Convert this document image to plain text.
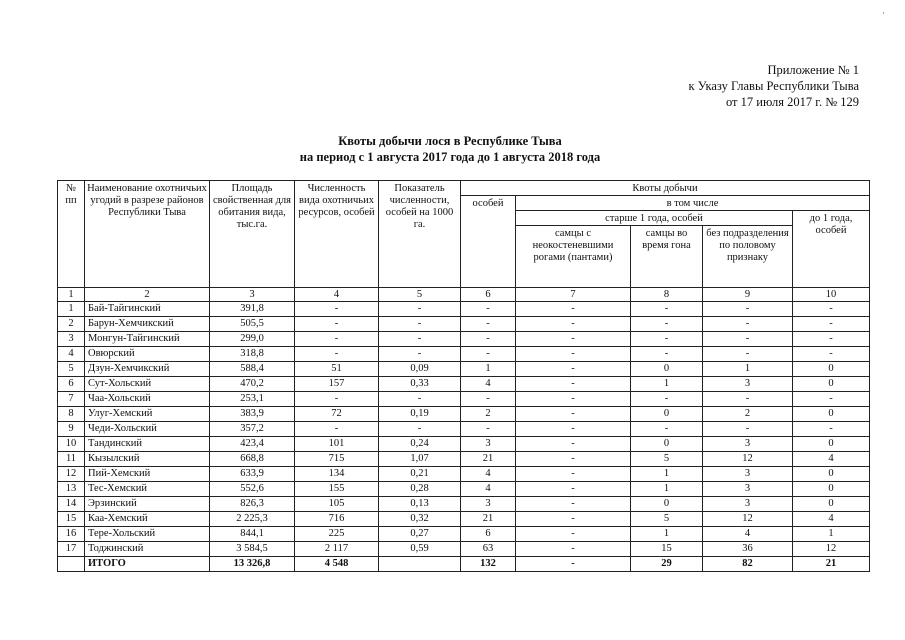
Приложение № 1
к Указу Главы Республики Тыва
от 17 июля 2017 г. № 129
Квоты добычи лося в Республике Тыва
на период с 1 августа 2017 года до 1 августа 2018 года
№ пп	Наименование охотничьих угодий в разрезе районов Республики Тыва	Площадь свойственная для обитания вида, тыс.га.	Численность вида охотничьих ресурсов, особей	Показатель численности, особей на 1000 га.	Квоты добычи				
					особей	в том числе			
						старше 1 года, особей			до 1 года, особей
						самцы с неокостеневшими рогами (пантами)	самцы во время гона	без подразделения по половому признаку	
1	2	3	4	5	6	7	8	9	10
1	Бай-Тайгинский	391,8	-	-	-	-	-	-	-
2	Барун-Хемчикский	505,5	-	-	-	-	-	-	-
3	Монгун-Тайгинский	299,0	-	-	-	-	-	-	-
4	Овюрский	318,8	-	-	-	-	-	-	-
5	Дзун-Хемчикский	588,4	51	0,09	1	-	0	1	0
6	Сут-Хольский	470,2	157	0,33	4	-	1	3	0
7	Чаа-Хольский	253,1	-	-	-	-	-	-	-
8	Улуг-Хемский	383,9	72	0,19	2	-	0	2	0
9	Чеди-Хольский	357,2	-	-	-	-	-	-	-
10	Тандинский	423,4	101	0,24	3	-	0	3	0
11	Кызылский	668,8	715	1,07	21	-	5	12	4
12	Пий-Хемский	633,9	134	0,21	4	-	1	3	0
13	Тес-Хемский	552,6	155	0,28	4	-	1	3	0
14	Эрзинский	826,3	105	0,13	3	-	0	3	0
15	Каа-Хемский	2 225,3	716	0,32	21	-	5	12	4
16	Тере-Хольский	844,1	225	0,27	6	-	1	4	1
17	Тоджинский	3 584,5	2 117	0,59	63	-	15	36	12
	ИТОГО	13 326,8	4 548		132	-	29	82	21
·
